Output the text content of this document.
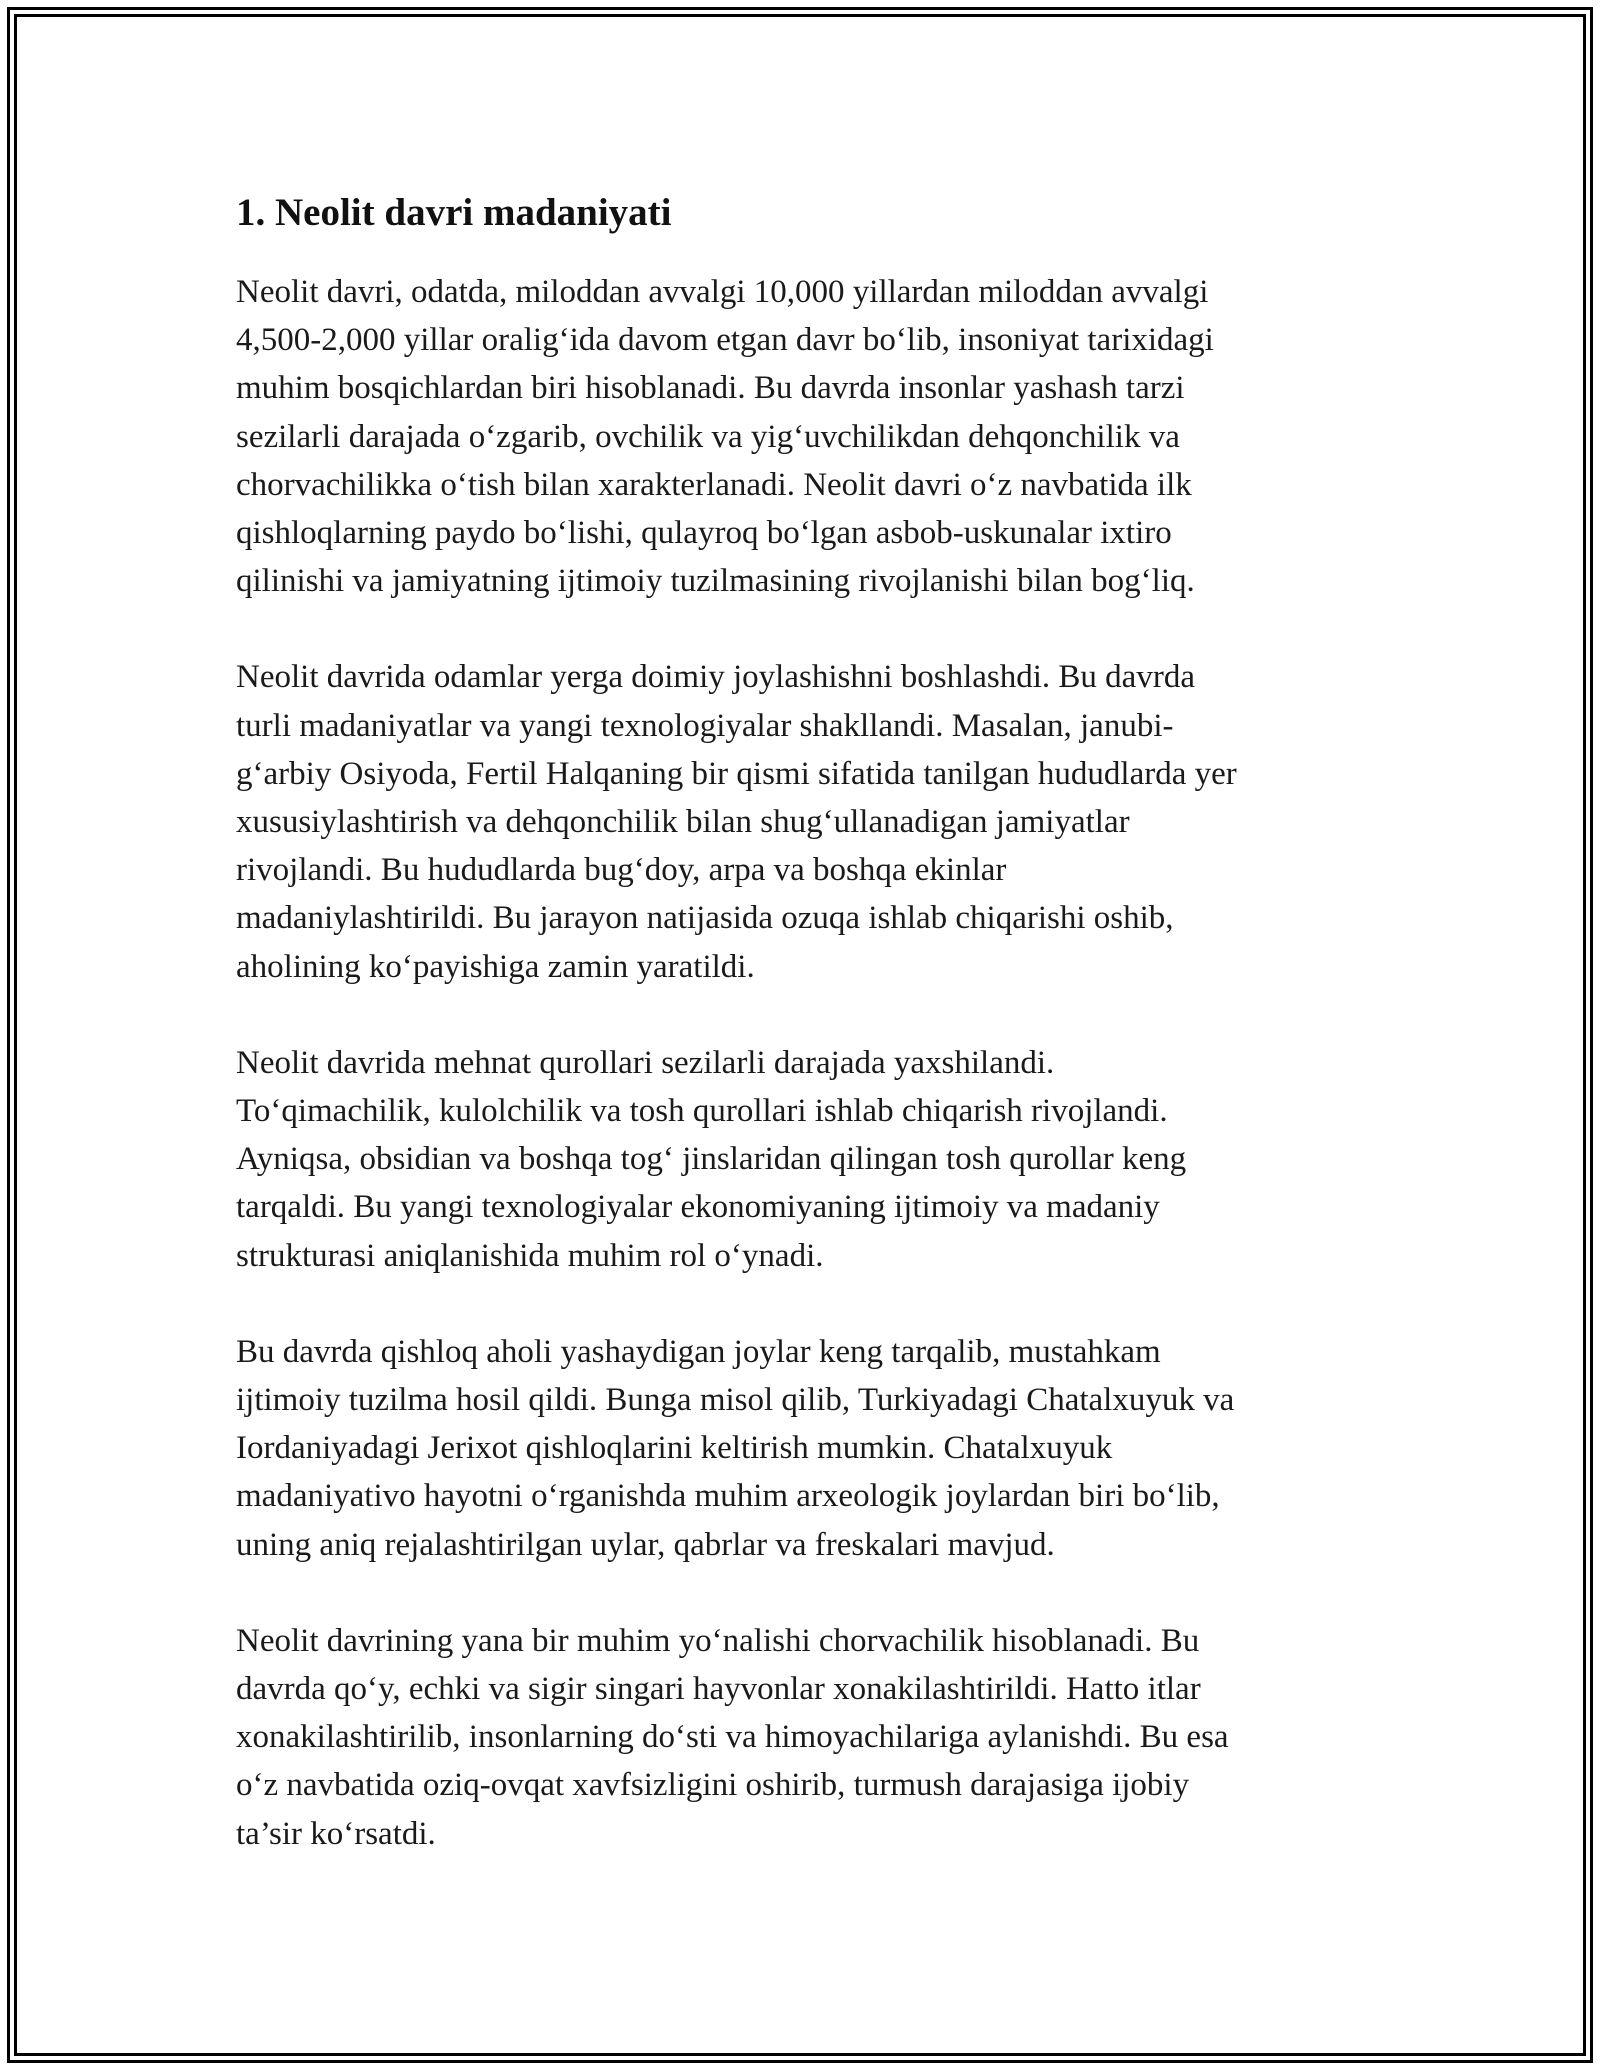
1. Neolit davri madaniyati

Neolit davri, odatda, miloddan avvalgi 10,000 yillardan miloddan avvalgi
4,500-2,000 yillar oralig‘ida davom etgan davr bo‘lib, insoniyat tarixidagi
muhim bosqichlardan biri hisoblanadi. Bu davrda insonlar yashash tarzi
sezilarli darajada o‘zgarib, ovchilik va yig‘uvchilikdan dehqonchilik va
chorvachilikka o‘tish bilan xarakterlanadi. Neolit davri o‘z navbatida ilk
qishloqlarning paydo bo‘lishi, qulayroq bo‘lgan asbob-uskunalar ixtiro
qilinishi va jamiyatning ijtimoiy tuzilmasining rivojlanishi bilan bog‘liq.

Neolit davrida odamlar yerga doimiy joylashishni boshlashdi. Bu davrda
turli madaniyatlar va yangi texnologiyalar shakllandi. Masalan, janubi-
g‘arbiy Osiyoda, Fertil Halqaning bir qismi sifatida tanilgan hududlarda yer
xususiylashtirish va dehqonchilik bilan shug‘ullanadigan jamiyatlar
rivojlandi. Bu hududlarda bug‘doy, arpa va boshqa ekinlar
madaniylashtirildi. Bu jarayon natijasida ozuqa ishlab chiqarishi oshib,
aholining ko‘payishiga zamin yaratildi.

Neolit davrida mehnat qurollari sezilarli darajada yaxshilandi.
To‘qimachilik, kulolchilik va tosh qurollari ishlab chiqarish rivojlandi.
Ayniqsa, obsidian va boshqa tog‘ jinslaridan qilingan tosh qurollar keng
tarqaldi. Bu yangi texnologiyalar ekonomiyaning ijtimoiy va madaniy
strukturasi aniqlanishida muhim rol o‘ynadi.

Bu davrda qishloq aholi yashaydigan joylar keng tarqalib, mustahkam
ijtimoiy tuzilma hosil qildi. Bunga misol qilib, Turkiyadagi Chatalxuyuk va
Iordaniyadagi Jerixot qishloqlarini keltirish mumkin. Chatalxuyuk
madaniyativo hayotni o‘rganishda muhim arxeologik joylardan biri bo‘lib,
uning aniq rejalashtirilgan uylar, qabrlar va freskalari mavjud.

Neolit davrining yana bir muhim yo‘nalishi chorvachilik hisoblanadi. Bu
davrda qo‘y, echki va sigir singari hayvonlar xonakilashtirildi. Hatto itlar
xonakilashtirilib, insonlarning do‘sti va himoyachilariga aylanishdi. Bu esa
o‘z navbatida oziq-ovqat xavfsizligini oshirib, turmush darajasiga ijobiy
ta’sir ko‘rsatdi.
